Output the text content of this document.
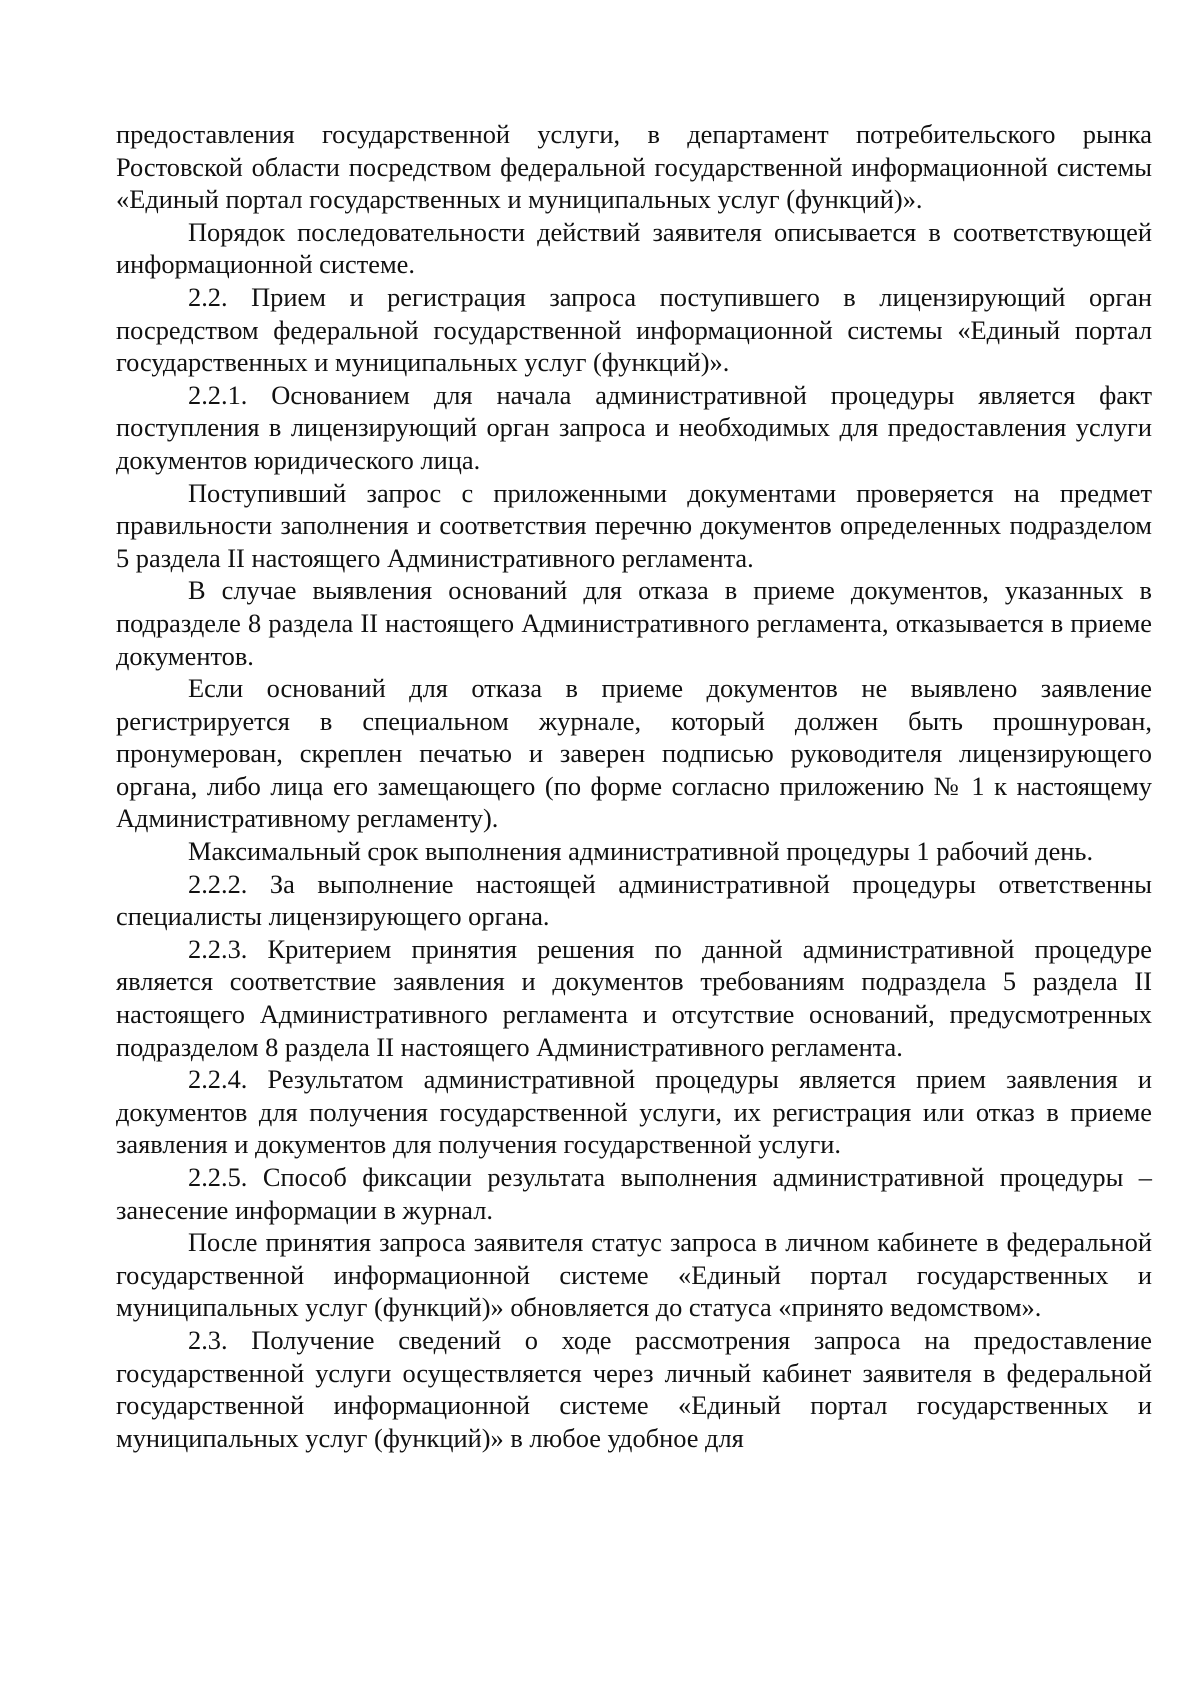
предоставления государственной услуги, в департамент потребительского рынка Ростовской области посредством федеральной государственной информационной системы «Единый портал государственных и муниципальных услуг (функций)».

Порядок последовательности действий заявителя описывается в соответствующей информационной системе.

2.2. Прием и регистрация запроса поступившего в лицензирующий орган посредством федеральной государственной информационной системы «Единый портал государственных и муниципальных услуг (функций)».

2.2.1. Основанием для начала административной процедуры является факт поступления в лицензирующий орган запроса и необходимых для предоставления услуги документов юридического лица.

Поступивший запрос с приложенными документами проверяется на предмет правильности заполнения и соответствия перечню документов определенных подразделом 5 раздела II настоящего Административного регламента.

В случае выявления оснований для отказа в приеме документов, указанных в подразделе 8 раздела II настоящего Административного регламента, отказывается в приеме документов.

Если оснований для отказа в приеме документов не выявлено заявление регистрируется в специальном журнале, который должен быть прошнурован, пронумерован, скреплен печатью и заверен подписью руководителя лицензирующего органа, либо лица его замещающего (по форме согласно приложению № 1 к настоящему Административному регламенту).

Максимальный срок выполнения административной процедуры 1 рабочий день.

2.2.2. За выполнение настоящей административной процедуры ответственны специалисты лицензирующего органа.

2.2.3. Критерием принятия решения по данной административной процедуре является соответствие заявления и документов требованиям подраздела 5 раздела II настоящего Административного регламента и отсутствие оснований, предусмотренных подразделом 8 раздела II настоящего Административного регламента.

2.2.4. Результатом административной процедуры является прием заявления и документов для получения государственной услуги, их регистрация или отказ в приеме заявления и документов для получения государственной услуги.

2.2.5. Способ фиксации результата выполнения административной процедуры – занесение информации в журнал.

После принятия запроса заявителя статус запроса в личном кабинете в федеральной государственной информационной системе «Единый портал государственных и муниципальных услуг (функций)» обновляется до статуса «принято ведомством».

2.3. Получение сведений о ходе рассмотрения запроса на предоставление государственной услуги осуществляется через личный кабинет заявителя в федеральной государственной информационной системе «Единый портал государственных и муниципальных услуг (функций)» в любое удобное для
